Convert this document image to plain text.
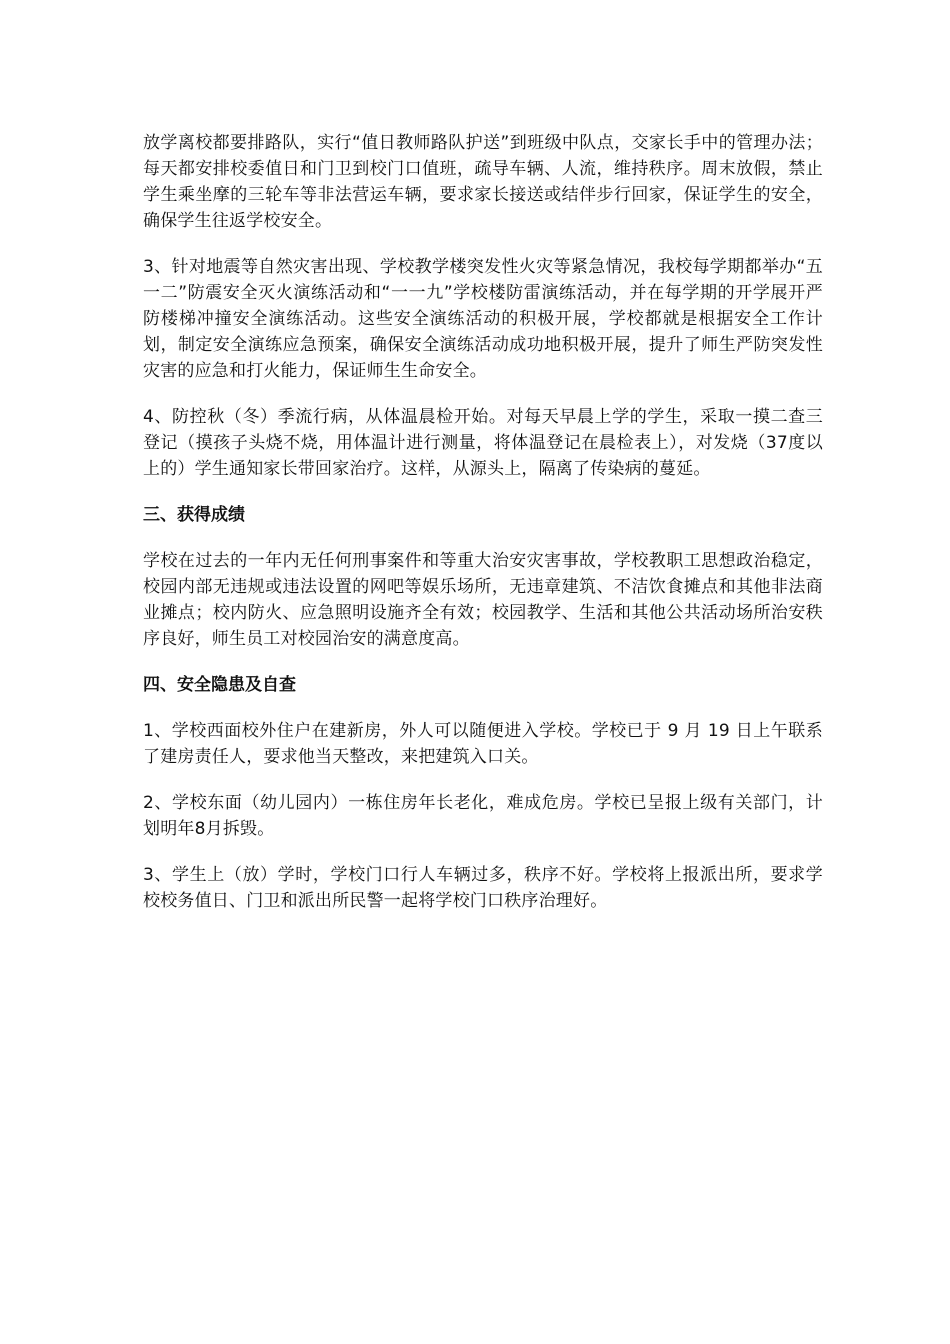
放学离校都要排路队，实行“值日教师路队护送”到班级中队点，交家长手中的管理办法；每天都安排校委值日和门卫到校门口值班，疏导车辆、人流，维持秩序。周末放假，禁止学生乘坐摩的三轮车等非法营运车辆，要求家长接送或结伴步行回家，保证学生的安全，确保学生往返学校安全。

3、针对地震等自然灾害出现、学校教学楼突发性火灾等紧急情况，我校每学期都举办“五一二”防震安全灭火演练活动和“一一九”学校楼防雷演练活动，并在每学期的开学展开严防楼梯冲撞安全演练活动。这些安全演练活动的积极开展，学校都就是根据安全工作计划，制定安全演练应急预案，确保安全演练活动成功地积极开展，提升了师生严防突发性灾害的应急和打火能力，保证师生生命安全。

4、防控秋（冬）季流行病，从体温晨检开始。对每天早晨上学的学生，采取一摸二查三登记（摸孩子头烧不烧，用体温计进行测量，将体温登记在晨检表上），对发烧（37度以上的）学生通知家长带回家治疗。这样，从源头上，隔离了传染病的蔓延。

三、获得成绩

学校在过去的一年内无任何刑事案件和等重大治安灾害事故，学校教职工思想政治稳定，校园内部无违规或违法设置的网吧等娱乐场所，无违章建筑、不洁饮食摊点和其他非法商业摊点；校内防火、应急照明设施齐全有效；校园教学、生活和其他公共活动场所治安秩序良好，师生员工对校园治安的满意度高。

四、安全隐患及自查

1、学校西面校外住户在建新房，外人可以随便进入学校。学校已于 9 月 19 日上午联系了建房责任人，要求他当天整改，来把建筑入口关。

2、学校东面（幼儿园内）一栋住房年长老化，难成危房。学校已呈报上级有关部门，计划明年8月拆毁。

3、学生上（放）学时，学校门口行人车辆过多，秩序不好。学校将上报派出所，要求学校校务值日、门卫和派出所民警一起将学校门口秩序治理好。
